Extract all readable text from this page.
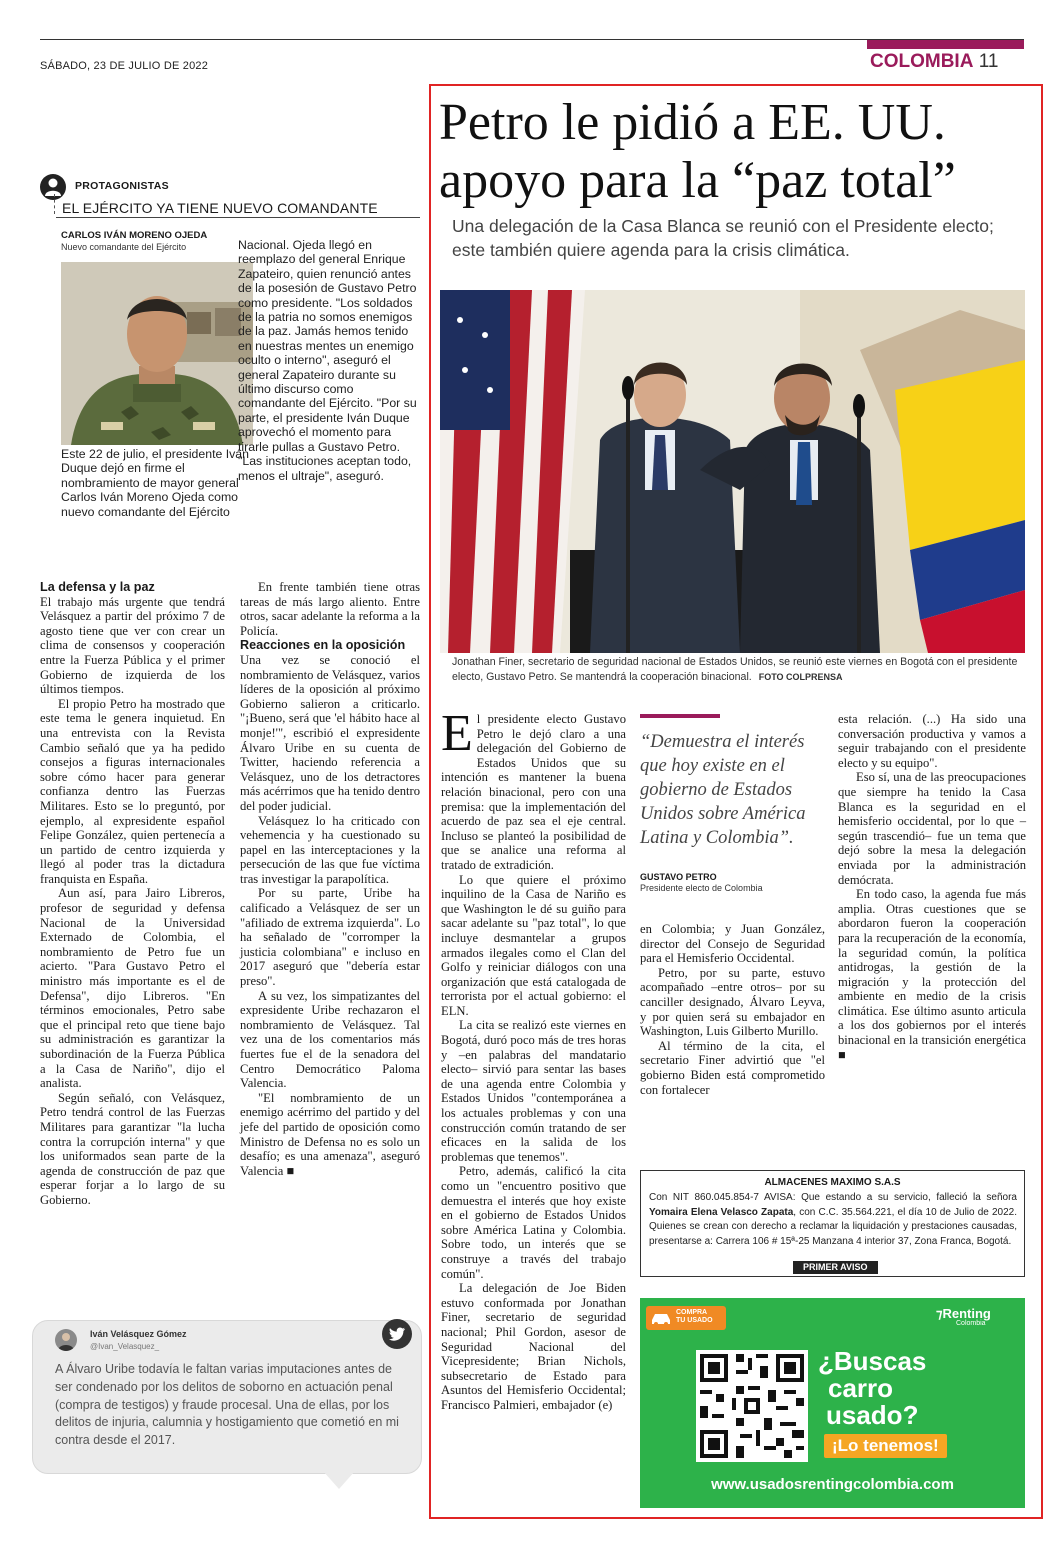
SÁBADO, 23 DE JULIO DE 2022	COLOMBIA 11
PROTAGONISTAS
EL EJÉRCITO YA TIENE NUEVO COMANDANTE
CARLOS IVÁN MORENO OJEDA
Nuevo comandante del Ejército
Este 22 de julio, el presidente Iván Duque dejó en firme el nombramiento de mayor general Carlos Iván Moreno Ojeda como nuevo comandante del Ejército
Nacional. Ojeda llegó en reemplazo del general Enrique Zapateiro, quien renunció antes de la posesión de Gustavo Petro como presidente. "Los soldados de la patria no somos enemigos de la paz. Jamás hemos tenido en nuestras mentes un enemigo oculto o interno", aseguró el general Zapateiro durante su último discurso como comandante del Ejército. "Por su parte, el presidente Iván Duque aprovechó el momento para tirarle pullas a Gustavo Petro. "Las instituciones aceptan todo, menos el ultraje", aseguró.

La defensa y la paz

El trabajo más urgente que tendrá Velásquez a partir del próximo 7 de agosto tiene que ver con crear un clima de consensos y cooperación entre la Fuerza Pública y el primer Gobierno de izquierda de los últimos tiempos.

El propio Petro ha mostrado que este tema le genera inquietud. En una entrevista con la Revista Cambio señaló que ya ha pedido consejos a figuras internacionales sobre cómo hacer para generar confianza dentro las Fuerzas Militares. Esto se lo preguntó, por ejemplo, al expresidente español Felipe González, quien pertenecía a un partido de centro izquierda y llegó al poder tras la dictadura franquista en España.

Aun así, para Jairo Libreros, profesor de seguridad y defensa Nacional de la Universidad Externado de Colombia, el nombramiento de Petro fue un acierto. "Para Gustavo Petro el ministro más importante es el de Defensa", dijo Libreros. "En términos emocionales, Petro sabe que el principal reto que tiene bajo su administración es garantizar la subordinación de la Fuerza Pública a la Casa de Nariño", dijo el analista.

Según señaló, con Velásquez, Petro tendrá control de las Fuerzas Militares para garantizar "la lucha contra la corrupción interna" y que los uniformados sean parte de la agenda de construcción de paz que esperar forjar a lo largo de su Gobierno.

En frente también tiene otras tareas de más largo aliento. Entre otros, sacar adelante la reforma a la Policía.

Reacciones en la oposición

Una vez se conoció el nombramiento de Velásquez, varios líderes de la oposición al próximo Gobierno salieron a criticarlo. "¡Bueno, será que 'el hábito hace al monje!'", escribió el expresidente Álvaro Uribe en su cuenta de Twitter, haciendo referencia a Velásquez, uno de los detractores más acérrimos que ha tenido dentro del poder judicial.

Velásquez lo ha criticado con vehemencia y ha cuestionado su papel en las interceptaciones y la persecución de las que fue víctima tras investigar la parapolítica.

Por su parte, Uribe ha calificado a Velásquez de ser un "afiliado de extrema izquierda". Lo ha señalado de "corromper la justicia colombiana" e incluso en 2017 aseguró que "debería estar preso".

A su vez, los simpatizantes del expresidente Uribe rechazaron el nombramiento de Velásquez. Tal vez una de los comentarios más fuertes fue el de la senadora del Centro Democrático Paloma Valencia.

"El nombramiento de un enemigo acérrimo del partido y del jefe del partido de oposición como Ministro de Defensa no es solo un desafío; es una amenaza", aseguró Valencia ■

Iván Velásquez Gómez
@Ivan_Velasquez_
A Álvaro Uribe todavía le faltan varias imputaciones antes de ser condenado por los delitos de soborno en actuación penal (compra de testigos) y fraude procesal. Una de ellas, por los delitos de injuria, calumnia y hostigamiento que cometió en mi contra desde el 2017.
Petro le pidió a EE. UU.
apoyo para la “paz total”
Una delegación de la Casa Blanca se reunió con el Presidente electo; este también quiere agenda para la crisis climática.
Jonathan Finer, secretario de seguridad nacional de Estados Unidos, se reunió este viernes en Bogotá con el presidente electo, Gustavo Petro. Se mantendrá la cooperación binacional. FOTO COLPRENSA
E l presidente electo Gustavo Petro le dejó claro a una delegación del Gobierno de Estados Unidos que su intención es mantener la buena relación binacional, pero con una premisa: que la implementación del acuerdo de paz sea el eje central. Incluso se planteó la posibilidad de que se analice una reforma al tratado de extradición.

Lo que quiere el próximo inquilino de la Casa de Nariño es que Washington le dé su guiño para sacar adelante su "paz total", lo que incluye desmantelar a grupos armados ilegales como el Clan del Golfo y reiniciar diálogos con una organización que está catalogada de terrorista por el actual gobierno: el ELN.

La cita se realizó este viernes en Bogotá, duró poco más de tres horas y –en palabras del mandatario electo– sirvió para sentar las bases de una agenda entre Colombia y Estados Unidos "contemporánea a los actuales problemas y con una construcción común tratando de ser eficaces en la salida de los problemas que tenemos".

Petro, además, calificó la cita como un "encuentro positivo que demuestra el interés que hoy existe en el gobierno de Estados Unidos sobre América Latina y Colombia. Sobre todo, un interés que se construye a través del trabajo común".

La delegación de Joe Biden estuvo conformada por Jonathan Finer, secretario de seguridad nacional; Phil Gordon, asesor de Seguridad Nacional del Vicepresidente; Brian Nichols, subsecretario de Estado para Asuntos del Hemisferio Occidental; Francisco Palmieri, embajador (e)

“Demuestra el interés que hoy existe en el gobierno de Estados Unidos sobre América Latina y Colombia”.
GUSTAVO PETRO
Presidente electo de Colombia

en Colombia; y Juan González, director del Consejo de Seguridad para el Hemisferio Occidental.

Petro, por su parte, estuvo acompañado –entre otros– por su canciller designado, Álvaro Leyva, y por quien será su embajador en Washington, Luis Gilberto Murillo.

Al término de la cita, el secretario Finer advirtió que "el gobierno Biden está comprometido con fortalecer

esta relación. (...) Ha sido una conversación productiva y vamos a seguir trabajando con el presidente electo y su equipo".

Eso sí, una de las preocupaciones que siempre ha tenido la Casa Blanca es la seguridad en el hemisferio occidental, por lo que –según trascendió– fue un tema que dejó sobre la mesa la delegación enviada por la administración demócrata.

En todo caso, la agenda fue más amplia. Otras cuestiones que se abordaron fueron la cooperación para la recuperación de la economía, la seguridad común, la política antidrogas, la gestión de la migración y la protección del ambiente en medio de la crisis climática. Ese último asunto articula a los dos gobiernos por el interés binacional en la transición energética ■

ALMACENES MAXIMO S.A.S
Con NIT 860.045.854-7 AVISA: Que estando a su servicio, falleció la señora Yomaira Elena Velasco Zapata, con C.C. 35.564.221, el día 10 de Julio de 2022. Quienes se crean con derecho a reclamar la liquidación y prestaciones causadas, presentarse a: Carrera 106 # 15ª-25 Manzana 4 interior 37, Zona Franca, Bogotá.
PRIMER AVISO
COMPRA
TU USADO	⁊Renting
Colombia
¿Buscas
carro
usado?
¡Lo tenemos!
www.usadosrentingcolombia.com
